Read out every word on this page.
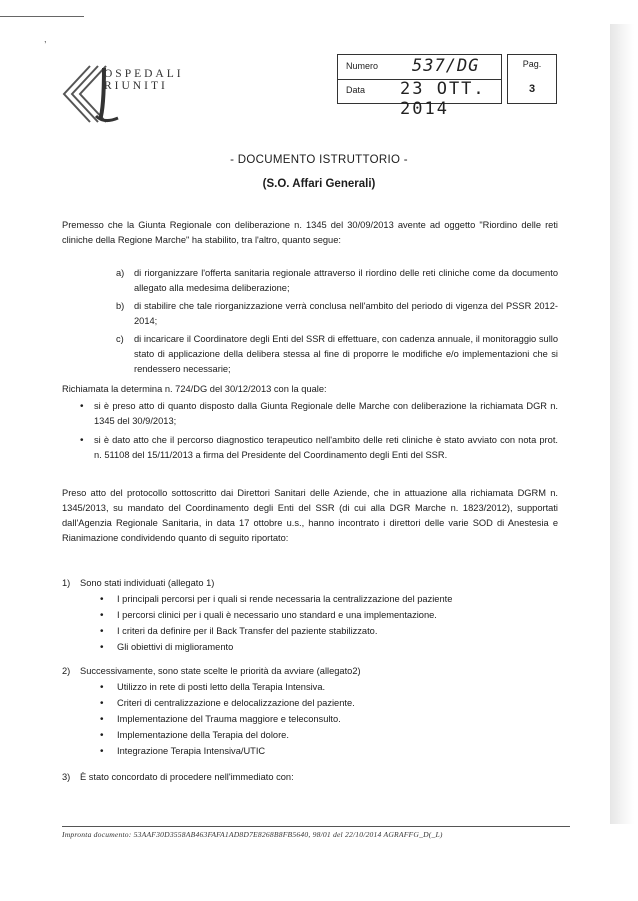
,
OSPEDALI
RIUNITI
Numero 537/DG
Data 23 OTT. 2014
Pag.
3
- DOCUMENTO ISTRUTTORIO -
(S.O. Affari Generali)
Premesso che la Giunta Regionale con deliberazione n. 1345 del 30/09/2013 avente ad oggetto "Riordino delle reti cliniche della Regione Marche" ha stabilito, tra l'altro, quanto segue:
a) di riorganizzare l'offerta sanitaria regionale attraverso il riordino delle reti cliniche come da documento allegato alla medesima deliberazione;
b) di stabilire che tale riorganizzazione verrà conclusa nell'ambito del periodo di vigenza del PSSR 2012-2014;
c) di incaricare il Coordinatore degli Enti del SSR di effettuare, con cadenza annuale, il monitoraggio sullo stato di applicazione della delibera stessa al fine di proporre le modifiche e/o implementazioni che si rendessero necessarie;
Richiamata la determina n. 724/DG del 30/12/2013 con la quale:
• si è preso atto di quanto disposto dalla Giunta Regionale delle Marche con deliberazione la richiamata DGR n. 1345 del 30/9/2013;
• si è dato atto che il percorso diagnostico terapeutico nell'ambito delle reti cliniche è stato avviato con nota prot. n. 51108 del 15/11/2013 a firma del Presidente del Coordinamento degli Enti del SSR.
Preso atto del protocollo sottoscritto dai Direttori Sanitari delle Aziende, che in attuazione alla richiamata DGRM n. 1345/2013, su mandato del Coordinamento degli Enti del SSR (di cui alla DGR Marche n. 1823/2012), supportati dall'Agenzia Regionale Sanitaria, in data 17 ottobre u.s., hanno incontrato i direttori delle varie SOD di Anestesia e Rianimazione condividendo quanto di seguito riportato:
1) Sono stati individuati (allegato 1)
• I principali percorsi per i quali si rende necessaria la centralizzazione del paziente
• I percorsi clinici per i quali è necessario uno standard e una implementazione.
• I criteri da definire per il Back Transfer del paziente stabilizzato.
• Gli obiettivi di miglioramento
2) Successivamente, sono state scelte le priorità da avviare (allegato2)
• Utilizzo in rete di posti letto della Terapia Intensiva.
• Criteri di centralizzazione e delocalizzazione del paziente.
• Implementazione del Trauma maggiore e teleconsulto.
• Implementazione della Terapia del dolore.
• Integrazione Terapia Intensiva/UTIC
3) È stato concordato di procedere nell'immediato con:
Impronta documento: 53AAF30D3558AB463FAFA1AD8D7E8268B8FB5640, 98/01 del 22/10/2014 AGRAFFG_D(_L)
